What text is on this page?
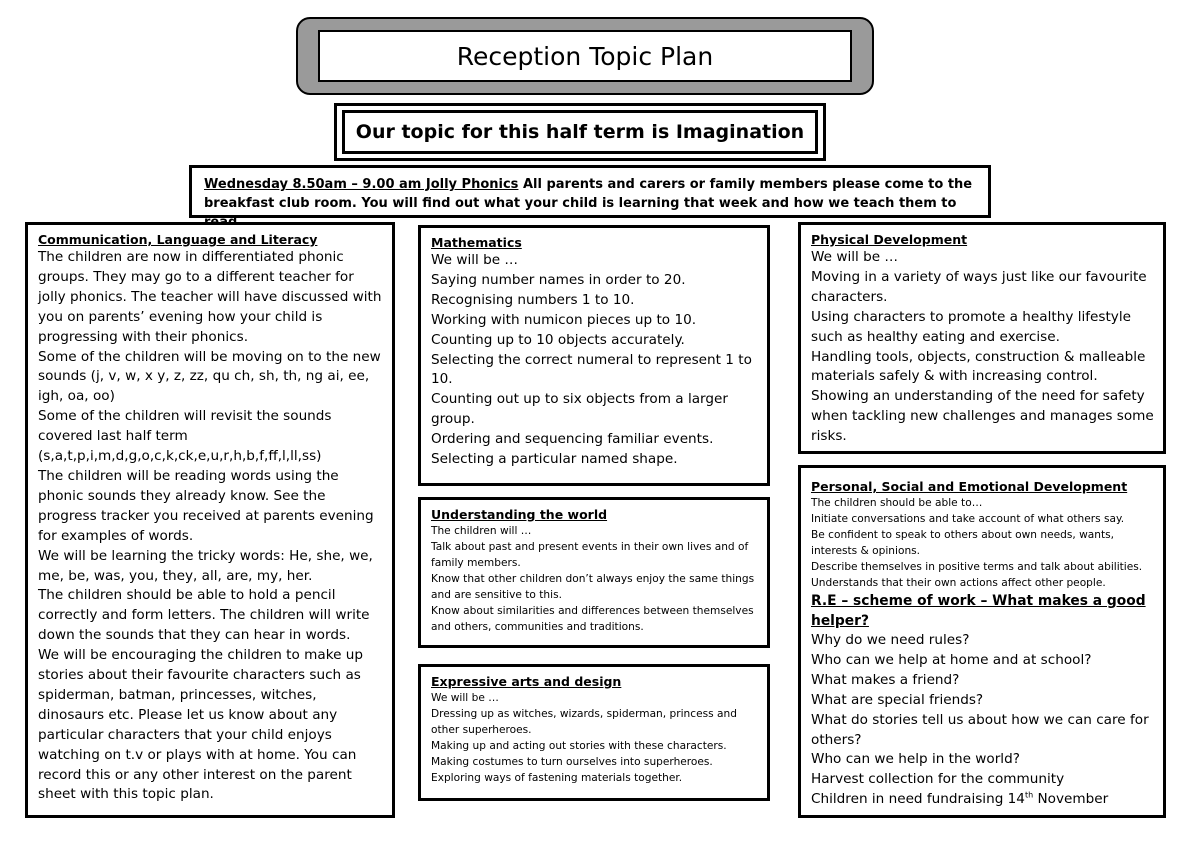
Reception Topic Plan
Our topic for this half term is Imagination
Wednesday 8.50am – 9.00 am Jolly Phonics All parents and carers or family members please come to the breakfast club room. You will find out what your child is learning that week and how we teach them to

Communication, Language and Literacy

The children are now in differentiated phonic groups. They may go to a different teacher for jolly phonics. The teacher will have discussed with you on parents’ evening how your child is progressing with their phonics.

Some of the children will be moving on to the new sounds (j, v, w, x y, z, zz, qu ch, sh, th, ng ai, ee, igh, oa, oo)

Some of the children will revisit the sounds covered last half term (s,a,t,p,i,m,d,g,o,c,k,ck,e,u,r,h,b,f,ff,l,ll,ss)

The children will be reading words using the phonic sounds they already know. See the progress tracker you received at parents evening for examples of words.

We will be learning the tricky words: He, she, we, me, be, was, you, they, all, are, my, her.

The children should be able to hold a pencil correctly and form letters. The children will write down the sounds that they can hear in words.

We will be encouraging the children to make up stories about their favourite characters such as spiderman, batman, princesses, witches, dinosaurs etc. Please let us know about any particular characters that your child enjoys watching on t.v or plays with at home. You can record this or any other interest on the parent sheet with this topic plan.

Mathematics

We will be …

Saying number names in order to 20.

Recognising numbers 1 to 10.

Working with numicon pieces up to 10.

Counting up to 10 objects accurately.

Selecting the correct numeral to represent 1 to 10.

Counting out up to six objects from a larger group.

Ordering and sequencing familiar events.

Selecting a particular named shape.

Understanding the world

The children will …

Talk about past and present events in their own lives and of family members.

Know that other children don’t always enjoy the same things and are sensitive to this.

Know about similarities and differences between themselves and others, communities and traditions.

Expressive arts and design

We will be …

Dressing up as witches, wizards, spiderman, princess and other superheroes.

Making up and acting out stories with these characters.

Making costumes to turn ourselves into superheroes.

Exploring ways of fastening materials together.

Physical Development

We will be …

Moving in a variety of ways just like our favourite characters.

Using characters to promote a healthy lifestyle such as healthy eating and exercise.

Handling tools, objects, construction & malleable materials safely & with increasing control.

Showing an understanding of the need for safety when tackling new challenges and manages some risks.

Personal, Social and Emotional Development

The children should be able to…

Initiate conversations and take account of what others say.

Be confident to speak to others about own needs, wants, interests & opinions.

Describe themselves in positive terms and talk about abilities.

Understands that their own actions affect other people.

R.E – scheme of work – What makes a good helper?

Why do we need rules?

Who can we help at home and at school?

What makes a friend?

What are special friends?

What do stories tell us about how we can care for others?

Who can we help in the world?

Harvest collection for the community

Children in need fundraising 14th November
